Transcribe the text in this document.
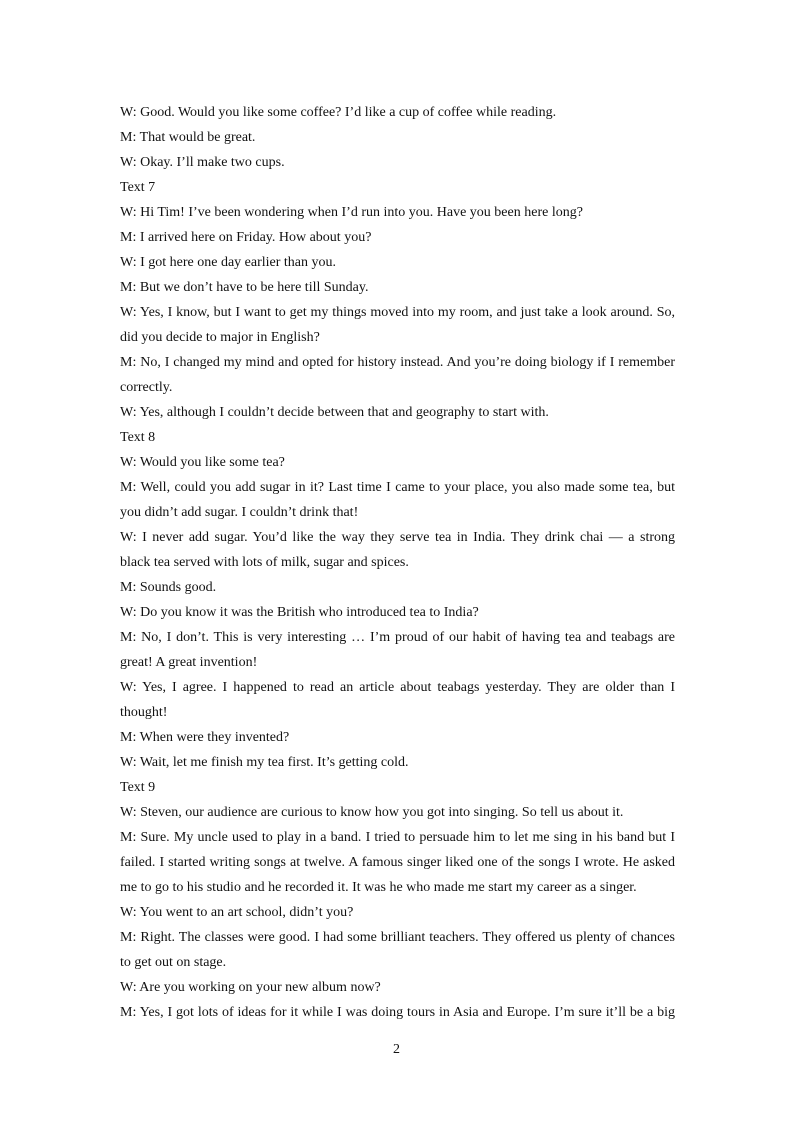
W: Good. Would you like some coffee? I’d like a cup of coffee while reading.
M: That would be great.
W: Okay. I’ll make two cups.
Text 7
W: Hi Tim! I’ve been wondering when I’d run into you. Have you been here long?
M: I arrived here on Friday. How about you?
W: I got here one day earlier than you.
M: But we don’t have to be here till Sunday.
W: Yes, I know, but I want to get my things moved into my room, and just take a look around. So,
did you decide to major in English?
M: No, I changed my mind and opted for history instead. And you’re doing biology if I remember
correctly.
W: Yes, although I couldn’t decide between that and geography to start with.
Text 8
W: Would you like some tea?
M: Well, could you add sugar in it? Last time I came to your place, you also made some tea, but
you didn’t add sugar. I couldn’t drink that!
W: I never add sugar. You’d like the way they serve tea in India. They drink chai — a strong
black tea served with lots of milk, sugar and spices.
M: Sounds good.
W: Do you know it was the British who introduced tea to India?
M: No, I don’t. This is very interesting … I’m proud of our habit of having tea and teabags are
great! A great invention!
W: Yes, I agree. I happened to read an article about teabags yesterday. They are older than I
thought!
M: When were they invented?
W: Wait, let me finish my tea first. It’s getting cold.
Text 9
W: Steven, our audience are curious to know how you got into singing. So tell us about it.
M: Sure. My uncle used to play in a band. I tried to persuade him to let me sing in his band but I
failed. I started writing songs at twelve. A famous singer liked one of the songs I wrote. He asked
me to go to his studio and he recorded it. It was he who made me start my career as a singer.
W: You went to an art school, didn’t you?
M: Right. The classes were good. I had some brilliant teachers. They offered us plenty of chances
to get out on stage.
W: Are you working on your new album now?
M: Yes, I got lots of ideas for it while I was doing tours in Asia and Europe. I’m sure it’ll be a big
2
